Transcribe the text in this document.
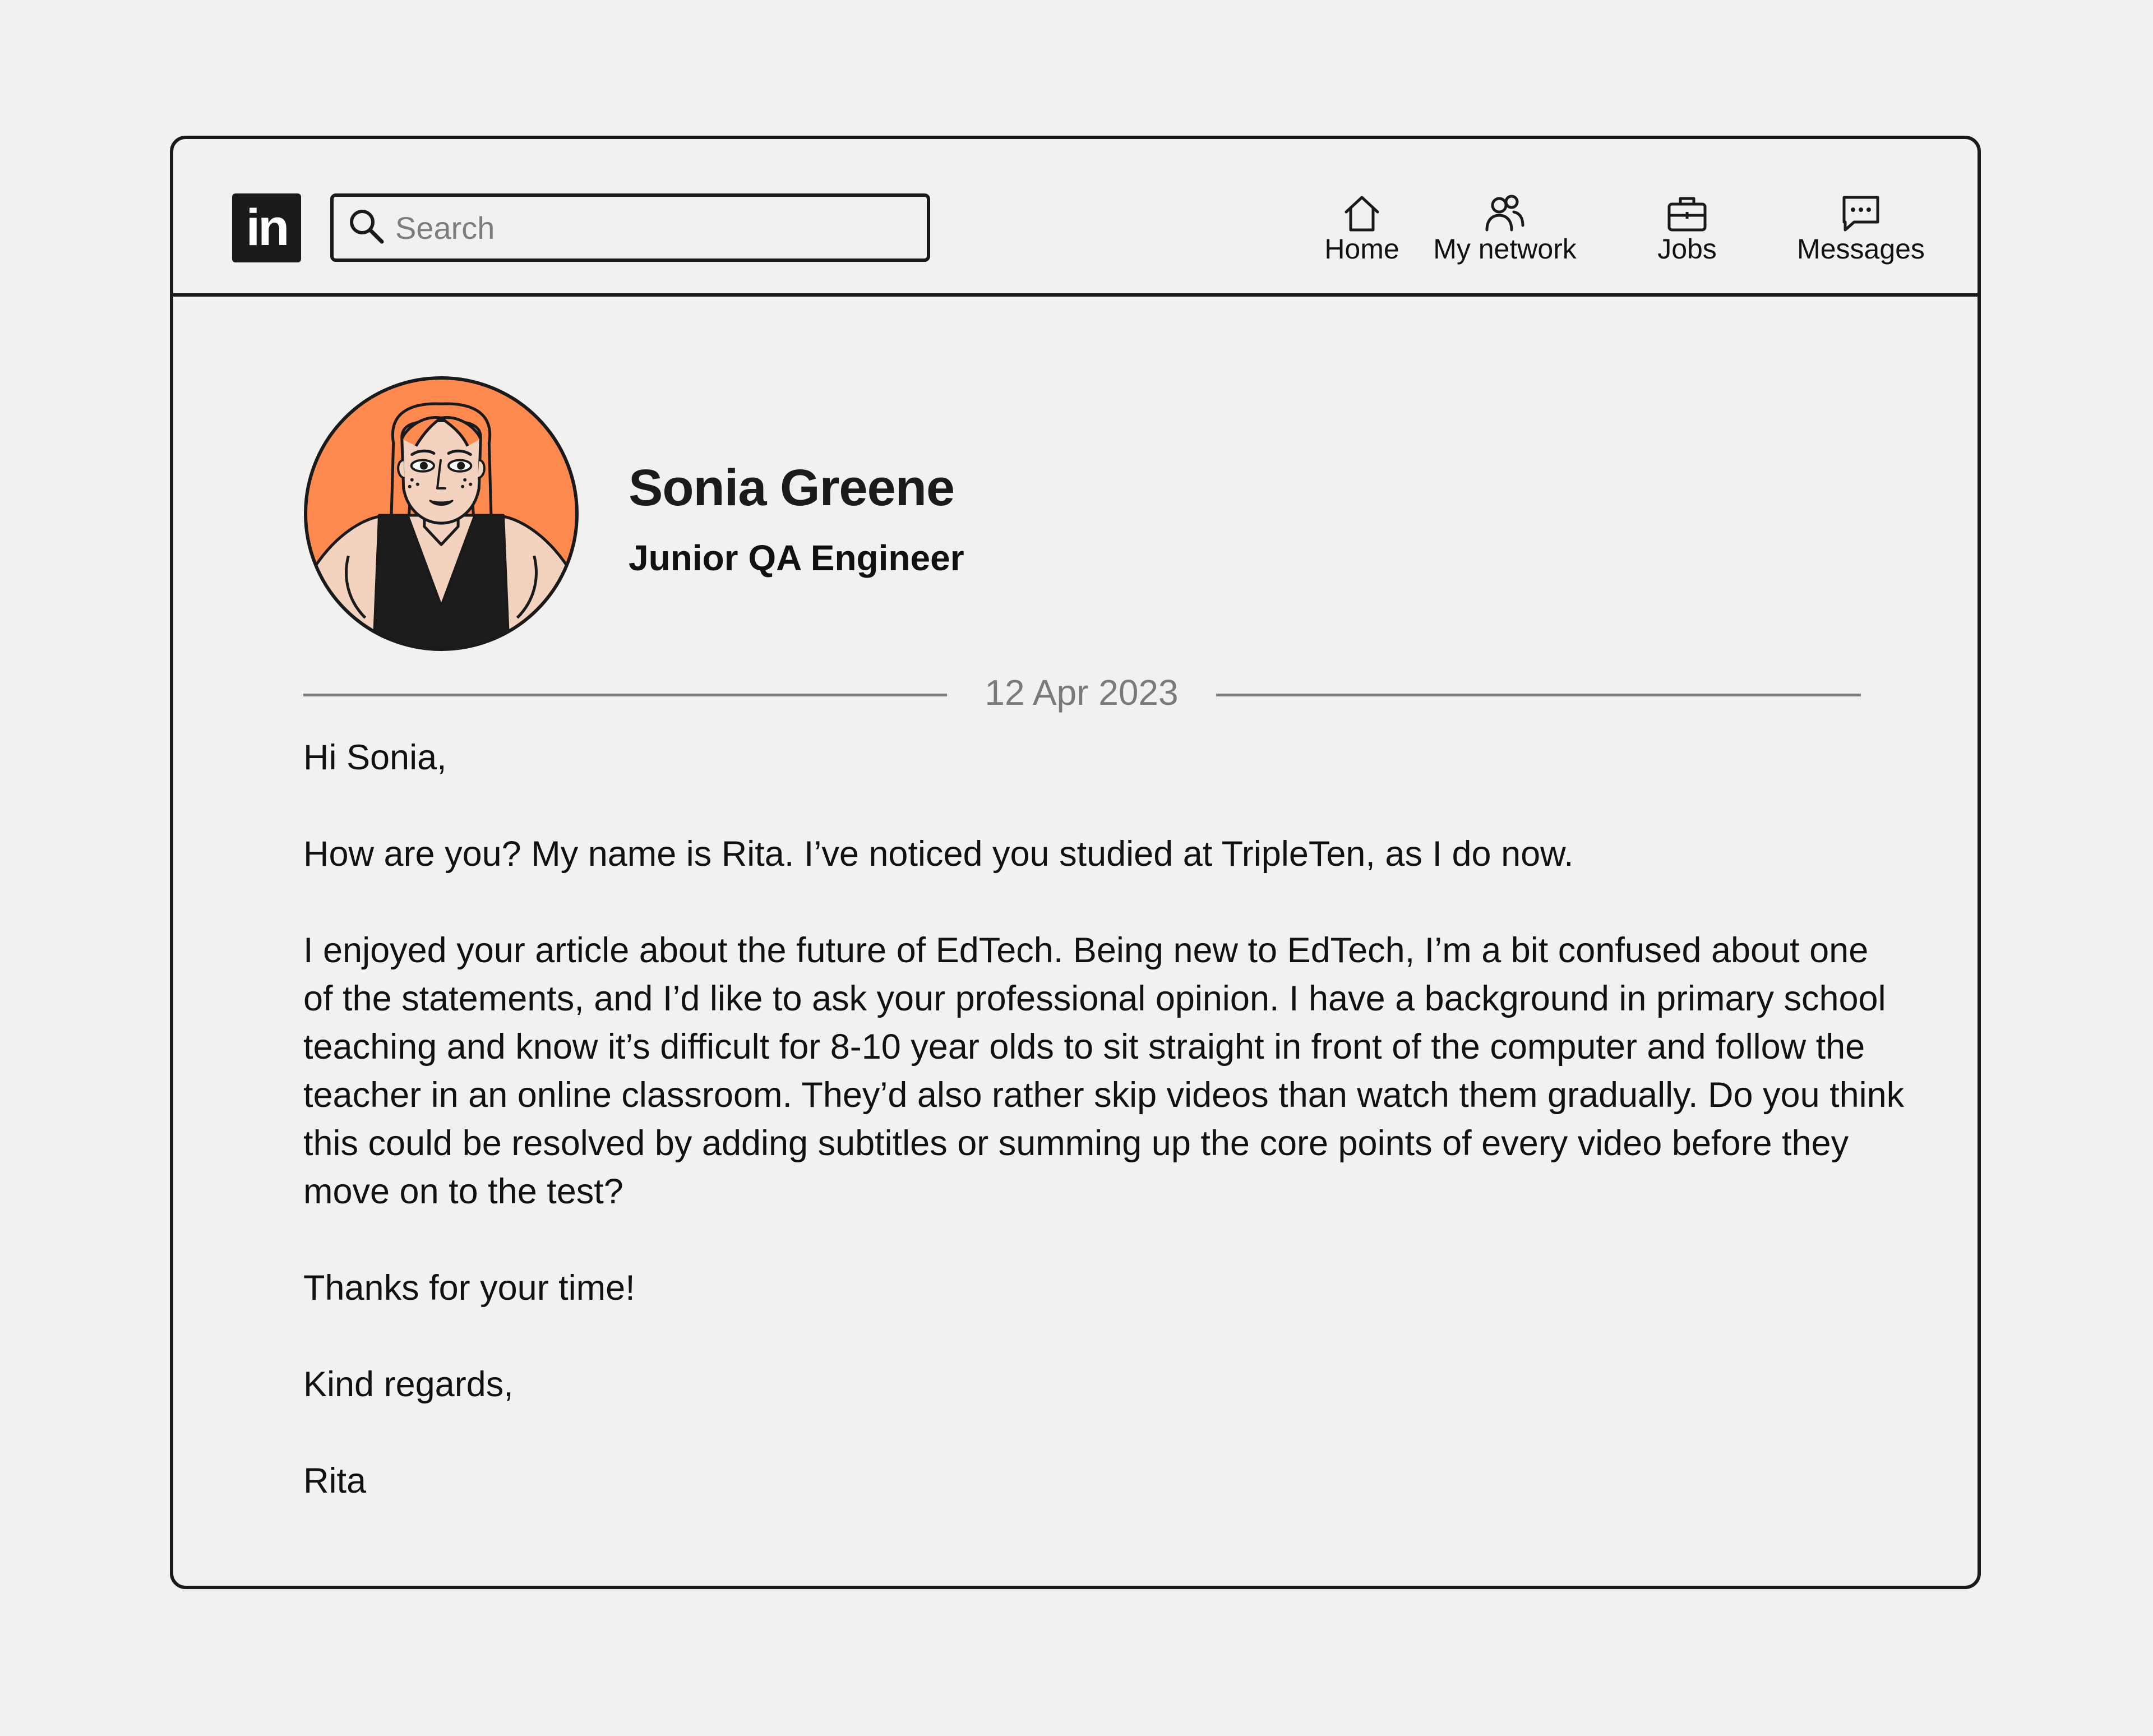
in
Search	Home	My network	Jobs	Messages
Sonia Greene
Junior QA Engineer
12 Apr 2023

Hi Sonia,

How are you? My name is Rita. I’ve noticed you studied at TripleTen, as I do now.

I enjoyed your article about the future of EdTech. Being new to EdTech, I’m a bit confused about one of the statements, and I’d like to ask your professional opinion. I have a background in primary school teaching and know it’s difficult for 8-10 year olds to sit straight in front of the computer and follow the teacher in an online classroom. They’d also rather skip videos than watch them gradually. Do you think this could be resolved by adding subtitles or summing up the core points of every video before they move on to the test?

Thanks for your time!

Kind regards,

Rita
